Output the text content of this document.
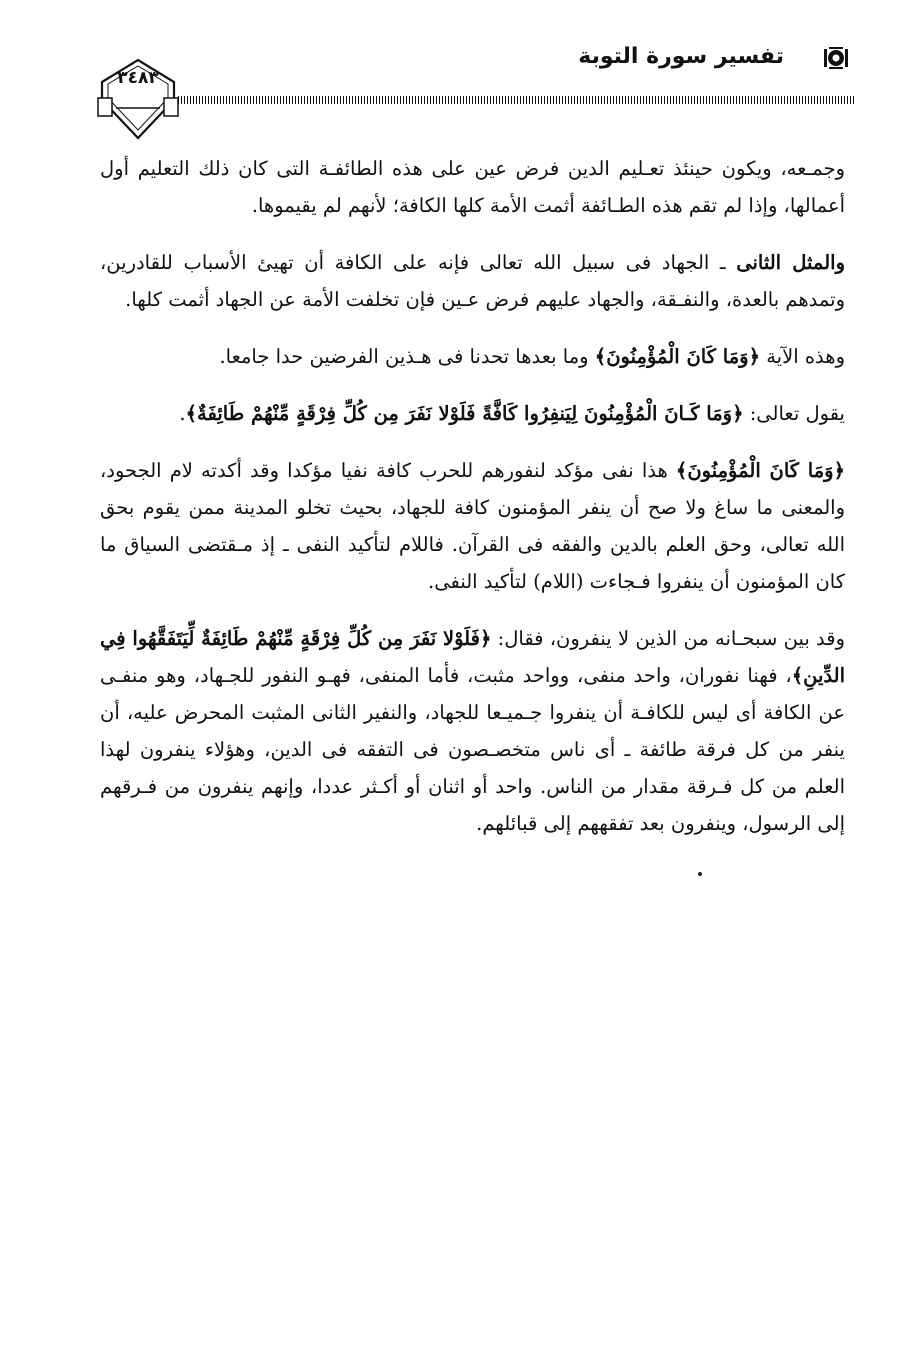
تفسير سورة التوبة
٣٤٨٣

وجمـعه، ويكون حينئذ تعـليم الدين فرض عين على هذه الطائفـة التى كان ذلك التعليم أول أعمالها، وإذا لم تقم هذه الطـائفة أثمت الأمة كلها الكافة؛ لأنهم لم يقيموها.

والمثل الثانى ـ الجهاد فى سبيل الله تعالى فإنه على الكافة أن تهيئ الأسباب للقادرين، وتمدهم بالعدة، والنفـقة، والجهاد عليهم فرض عـين فإن تخلفت الأمة عن الجهاد أثمت كلها.

وهذه الآية ﴿وَمَا كَانَ الْمُؤْمِنُونَ﴾ وما بعدها تحدنا فى هـذين الفرضين حدا جامعا.

يقول تعالى: ﴿وَمَا كَـانَ الْمُؤْمِنُونَ لِيَنفِرُوا كَافَّةً فَلَوْلا نَفَرَ مِن كُلِّ فِرْقَةٍ مِّنْهُمْ طَائِفَةٌ﴾.

﴿وَمَا كَانَ الْمُؤْمِنُونَ﴾ هذا نفى مؤكد لنفورهم للحرب كافة نفيا مؤكدا وقد أكدته لام الجحود، والمعنى ما ساغ ولا صح أن ينفر المؤمنون كافة للجهاد، بحيث تخلو المدينة ممن يقوم بحق الله تعالى، وحق العلم بالدين والفقه فى القرآن. فاللام لتأكيد النفى ـ إذ مـقتضى السياق ما كان المؤمنون أن ينفروا فـجاءت (اللام) لتأكيد النفى.

وقد بين سبحـانه من الذين لا ينفرون، فقال: ﴿فَلَوْلا نَفَرَ مِن كُلِّ فِرْقَةٍ مِّنْهُمْ طَائِفَةٌ لِّيَتَفَقَّهُوا فِي الدِّينِ﴾، فهنا نفوران، واحد منفى، وواحد مثبت، فأما المنفى، فهـو النفور للجـهاد، وهو منفـى عن الكافة أى ليس للكافـة أن ينفروا جـميـعا للجهاد، والنفير الثانى المثبت المحرض عليه، أن ينفر من كل فرقة طائفة ـ أى ناس متخصـصون فى التفقه فى الدين، وهؤلاء ينفرون لهذا العلم من كل فـرقة مقدار من الناس. واحد أو اثنان أو أكـثر عددا، وإنهم ينفرون من فـرقهم إلى الرسول، وينفرون بعد تفقههم إلى قبائلهم.
